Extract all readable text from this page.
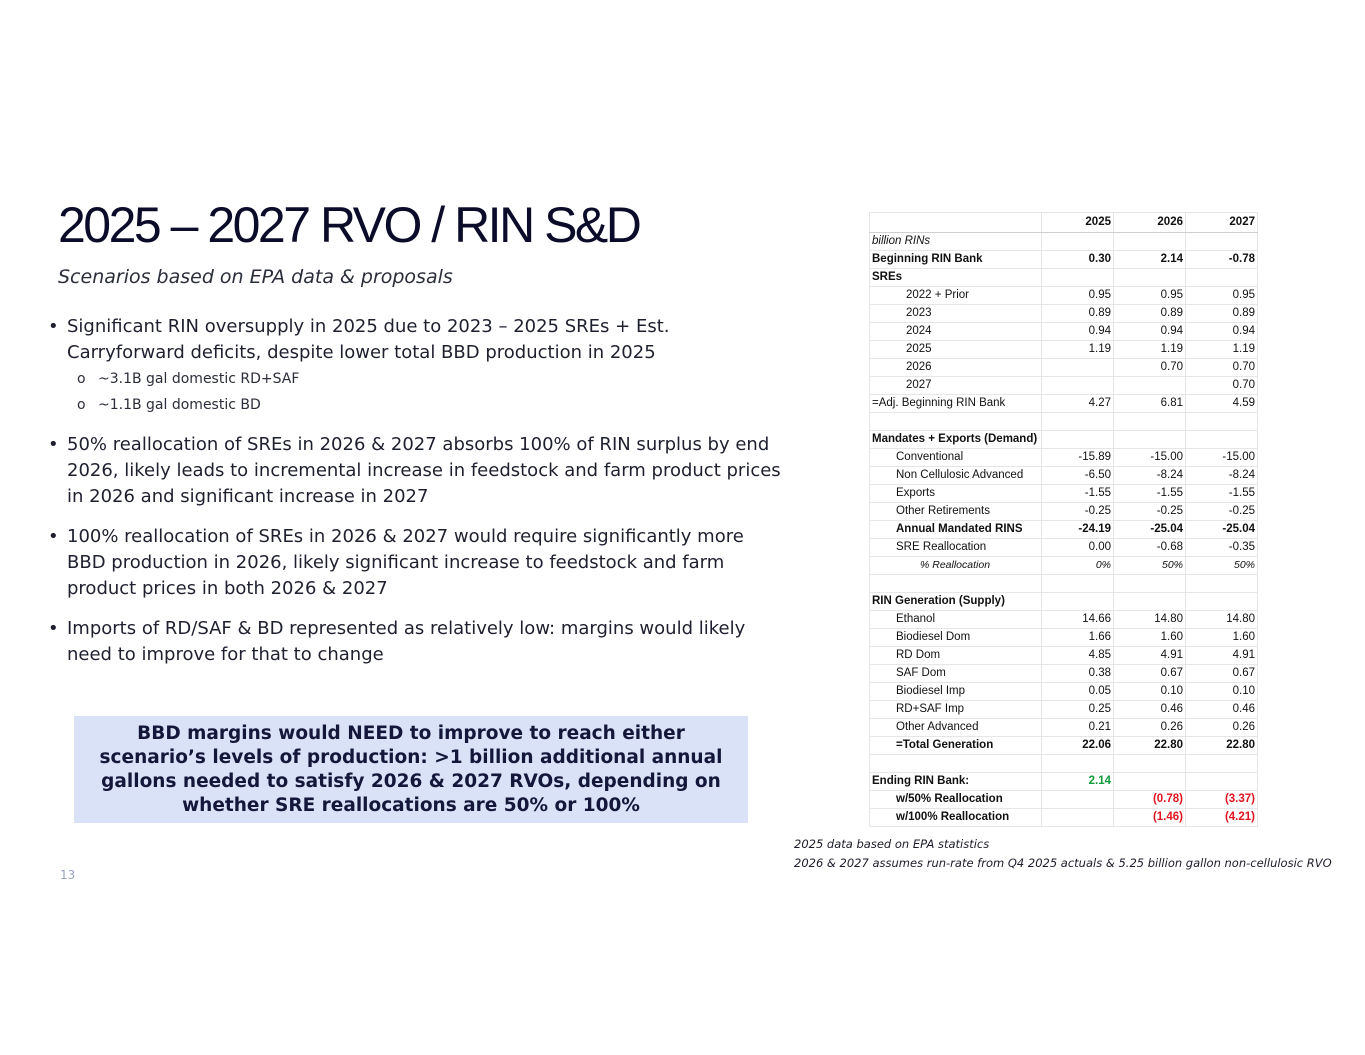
2025 – 2027 RVO / RIN S&D

Scenarios based on EPA data & proposals

• Significant RIN oversupply in 2025 due to 2023 – 2025 SREs + Est. Carryforward deficits, despite lower total BBD production in 2025
o ~3.1B gal domestic RD+SAF
o ~1.1B gal domestic BD
• 50% reallocation of SREs in 2026 & 2027 absorbs 100% of RIN surplus by end 2026, likely leads to incremental increase in feedstock and farm product prices in 2026 and significant increase in 2027
• 100% reallocation of SREs in 2026 & 2027 would require significantly more BBD production in 2026, likely significant increase to feedstock and farm product prices in both 2026 & 2027
• Imports of RD/SAF & BD represented as relatively low: margins would likely need to improve for that to change
BBD margins would NEED to improve to reach either scenario’s levels of production: >1 billion additional annual gallons needed to satisfy 2026 & 2027 RVOs, depending on whether SRE reallocations are 50% or 100%
13
	2025	2026	2027
billion RINs			
Beginning RIN Bank	0.30	2.14	-0.78
SREs			
2022 + Prior	0.95	0.95	0.95
2023	0.89	0.89	0.89
2024	0.94	0.94	0.94
2025	1.19	1.19	1.19
2026		0.70	0.70
2027			0.70
=Adj. Beginning RIN Bank	4.27	6.81	4.59

Mandates + Exports (Demand)			
Conventional	-15.89	-15.00	-15.00
Non Cellulosic Advanced	-6.50	-8.24	-8.24
Exports	-1.55	-1.55	-1.55
Other Retirements	-0.25	-0.25	-0.25
Annual Mandated RINS	-24.19	-25.04	-25.04
SRE Reallocation	0.00	-0.68	-0.35
% Reallocation	0%	50%	50%

RIN Generation (Supply)			
Ethanol	14.66	14.80	14.80
Biodiesel Dom	1.66	1.60	1.60
RD Dom	4.85	4.91	4.91
SAF Dom	0.38	0.67	0.67
Biodiesel Imp	0.05	0.10	0.10
RD+SAF Imp	0.25	0.46	0.46
Other Advanced	0.21	0.26	0.26
=Total Generation	22.06	22.80	22.80

Ending RIN Bank:	2.14		
w/50% Reallocation		(0.78)	(3.37)
w/100% Reallocation		(1.46)	(4.21)
2025 data based on EPA statistics
2026 & 2027 assumes run-rate from Q4 2025 actuals & 5.25 billion gallon non-cellulosic RVO
